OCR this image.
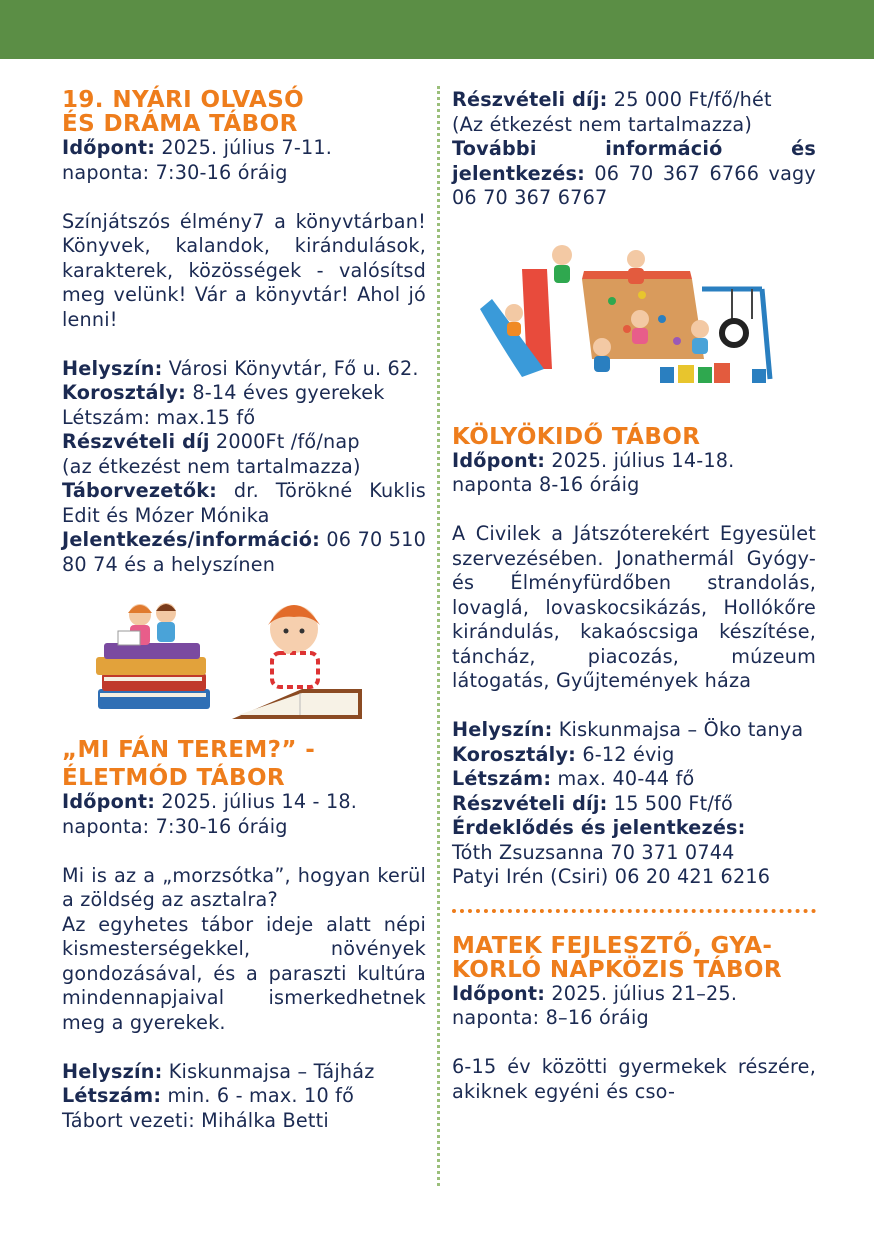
19. NYÁRI OLVASÓ

ÉS DRÁMA TÁBOR

Időpont: 2025. július 7-11.

naponta: 7:30-16 óráig

Színjátszós élmény7 a könyvtárban! Könyvek, kalandok, kirándulások, karakterek, közösségek - valósítsd meg velünk! Vár a könyvtár! Ahol jó lenni!

Helyszín: Városi Könyvtár, Fő u. 62.

Korosztály: 8-14 éves gyerekek

Létszám: max.15 fő

Részvételi díj 2000Ft /fő/nap

(az étkezést nem tartalmazza)

Táborvezetők: dr. Törökné Kuklis Edit és Mózer Mónika

Jelentkezés/információ: 06 70 510 80 74 és a helyszínen

„MI FÁN TEREM?” -

ÉLETMÓD TÁBOR

Időpont: 2025. július 14 - 18.

naponta: 7:30-16 óráig

Mi is az a „morzsótka”, hogyan kerül a zöldség az asztalra?

Az egyhetes tábor ideje alatt népi kismesterségekkel, növények gondozásával, és a paraszti kultúra mindennapjaival ismerkedhetnek meg a gyerekek.

Helyszín: Kiskunmajsa – Tájház

Létszám: min. 6 - max. 10 fő

Tábort vezeti: Mihálka Betti

Részvételi díj: 25 000 Ft/fő/hét

(Az étkezést nem tartalmazza)

További információ és jelentkezés: 06 70 367 6766 vagy 06 70 367 6767

KÖLYÖKIDŐ TÁBOR

Időpont: 2025. július 14-18.

naponta 8-16 óráig

A Civilek a Játszóterekért Egyesület szervezésében. Jonathermál Gyógy- és Élményfürdőben strandolás, lovaglá, lovaskocsikázás, Hollókőre kirándulás, kakaóscsiga készítése, táncház, piacozás, múzeum látogatás, Gyűjtemények háza

Helyszín: Kiskunmajsa – Öko tanya

Korosztály: 6-12 évig

Létszám: max. 40-44 fő

Részvételi díj: 15 500 Ft/fő

Érdeklődés és jelentkezés:

Tóth Zsuzsanna 70 371 0744

Patyi Irén (Csiri) 06 20 421 6216

MATEK FEJLESZTŐ, GYA-

KORLÓ NAPKÖZIS TÁBOR

Időpont: 2025. július 21–25.

naponta: 8–16 óráig

6-15 év közötti gyermekek részére, akiknek egyéni és cso-
